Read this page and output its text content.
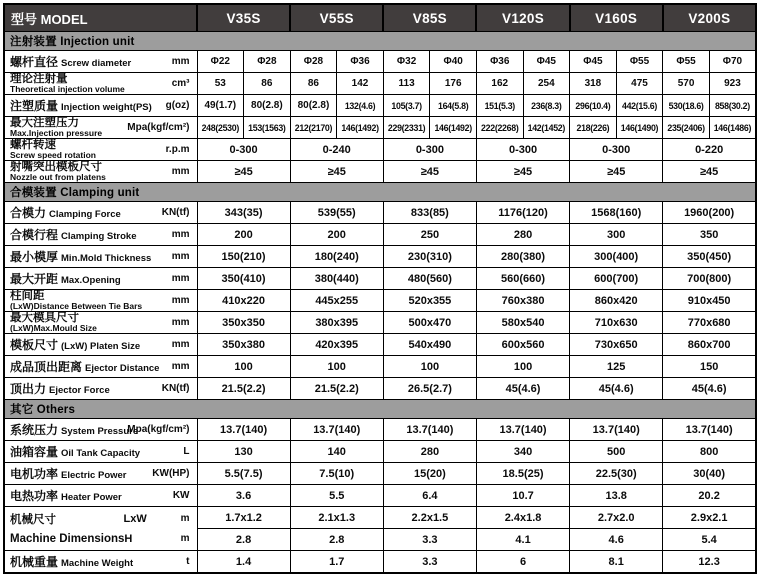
型号 MODEL	V35S		V55S		V85S		V120S		V160S		V200S	
注射装置 Injection unit												

螺杆直径 Screw diameter mm	Φ22	Φ28	Φ28	Φ36	Φ32	Φ40	Φ36	Φ45	Φ45	Φ55	Φ55	Φ70

理论注射量
Theoretical injection volume cm³	53	86	86	142	113	176	162	254	318	475	570	923

注塑质量 Injection weight(PS) g(oz)	49(1.7)	80(2.8)	80(2.8)	132(4.6)	105(3.7)	164(5.8)	151(5.3)	236(8.3)	296(10.4)	442(15.6)	530(18.6)	858(30.2)

最大注塑压力
Max.Injection pressure Mpa(kgf/cm²)	248(2530)	153(1563)	212(2170)	146(1492)	229(2331)	146(1492)	222(2268)	142(1452)	218(226)	146(1490)	235(2406)	146(1486)

螺杆转速
Screw speed rotation r.p.m	0-300		0-240		0-300		0-300		0-300		0-220	

射嘴突出模板尺寸
Nozzle out from platens mm	≥45		≥45		≥45		≥45		≥45		≥45	
合模装置 Clamping unit												

合模力 Clamping Force KN(tf)	343(35)		539(55)		833(85)		1176(120)		1568(160)		1960(200)	

合模行程 Clamping Stroke mm	200		200		250		280		300		350	

最小模厚 Min.Mold Thickness mm	150(210)		180(240)		230(310)		280(380)		300(400)		350(450)	

最大开距 Max.Opening mm	350(410)		380(440)		480(560)		560(660)		600(700)		700(800)	

柱间距
(LxW)Distance Between Tie Bars mm	410x220		445x255		520x355		760x380		860x420		910x450	

最大模具尺寸
(LxW)Max.Mould Size mm	350x350		380x395		500x470		580x540		710x630		770x680	

模板尺寸 (LxW) Platen Size mm	350x380		420x395		540x490		600x560		730x650		860x700	

成品顶出距离 Ejector Distance mm	100		100		100		100		125		150	

顶出力 Ejector Force KN(tf)	21.5(2.2)		21.5(2.2)		26.5(2.7)		45(4.6)		45(4.6)		45(4.6)	
其它 Others												

系统压力 System Pressure
Mpa(kgf/cm²)	13.7(140)		13.7(140)		13.7(140)		13.7(140)		13.7(140)		13.7(140)	

油箱容量 Oil Tank Capacity L	130		140		280		340		500		800	

电机功率 Electric Power KW(HP)	5.5(7.5)		7.5(10)		15(20)		18.5(25)		22.5(30)		30(40)	

电热功率 Heater Power KW	3.6		5.5		6.4		10.7		13.8		20.2	

机械尺寸	LxW	m
Machine Dimensions H	m
	1.7x1.2	2.1x1.3	2.2x1.5	2.4x1.8	2.7x2.0	2.9x2.1
	2.8		2.8		3.3		4.1		4.6		5.4	

机械重量 Machine Weight t	1.4		1.7		3.3		6		8.1		12.3	
